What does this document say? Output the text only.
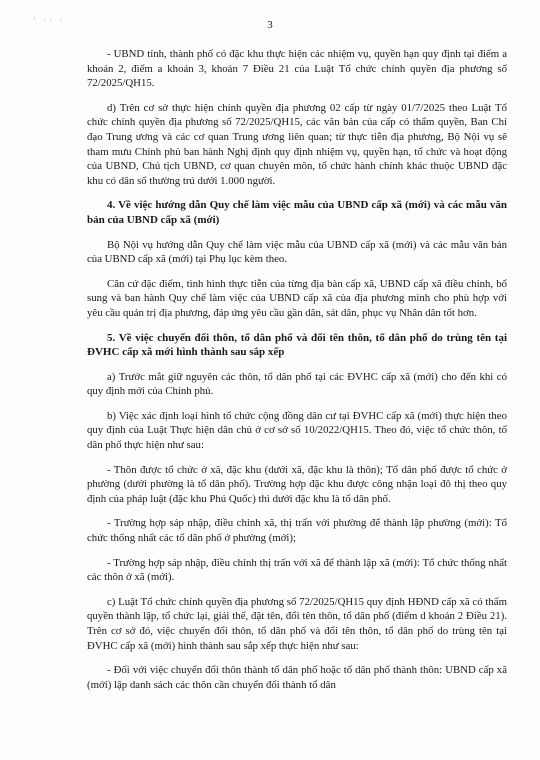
' ·· ·	3

- UBND tỉnh, thành phố có đặc khu thực hiện các nhiệm vụ, quyền hạn quy định tại điểm a khoản 2, điểm a khoản 3, khoản 7 Điều 21 của Luật Tổ chức chính quyền địa phương số 72/2025/QH15.

d) Trên cơ sở thực hiện chính quyền địa phương 02 cấp từ ngày 01/7/2025 theo Luật Tổ chức chính quyền địa phương số 72/2025/QH15, các văn bản của cấp có thẩm quyền, Ban Chỉ đạo Trung ương và các cơ quan Trung ương liên quan; từ thực tiễn địa phương, Bộ Nội vụ sẽ tham mưu Chính phủ ban hành Nghị định quy định nhiệm vụ, quyền hạn, tổ chức và hoạt động của UBND, Chủ tịch UBND, cơ quan chuyên môn, tổ chức hành chính khác thuộc UBND đặc khu có dân số thường trú dưới 1.000 người.

4. Về việc hướng dẫn Quy chế làm việc mẫu của UBND cấp xã (mới) và các mẫu văn bản của UBND cấp xã (mới)

Bộ Nội vụ hướng dẫn Quy chế làm việc mẫu của UBND cấp xã (mới) và các mẫu văn bản của UBND cấp xã (mới) tại Phụ lục kèm theo.

Căn cứ đặc điểm, tình hình thực tiễn của từng địa bàn cấp xã, UBND cấp xã điều chỉnh, bổ sung và ban hành Quy chế làm việc của UBND cấp xã của địa phương mình cho phù hợp với yêu cầu quản trị địa phương, đáp ứng yêu cầu gần dân, sát dân, phục vụ Nhân dân tốt hơn.

5. Về việc chuyển đổi thôn, tổ dân phố và đổi tên thôn, tổ dân phố do trùng tên tại ĐVHC cấp xã mới hình thành sau sắp xếp

a) Trước mắt giữ nguyên các thôn, tổ dân phố tại các ĐVHC cấp xã (mới) cho đến khi có quy định mới của Chính phủ.

b) Việc xác định loại hình tổ chức cộng đồng dân cư tại ĐVHC cấp xã (mới) thực hiện theo quy định của Luật Thực hiện dân chủ ở cơ sở số 10/2022/QH15. Theo đó, việc tổ chức thôn, tổ dân phố thực hiện như sau:

- Thôn được tổ chức ở xã, đặc khu (dưới xã, đặc khu là thôn); Tổ dân phố được tổ chức ở phường (dưới phường là tổ dân phố). Trường hợp đặc khu được công nhận loại đô thị theo quy định của pháp luật (đặc khu Phú Quốc) thì dưới đặc khu là tổ dân phố.

- Trường hợp sáp nhập, điều chỉnh xã, thị trấn với phường để thành lập phường (mới): Tổ chức thống nhất các tổ dân phố ở phường (mới);

- Trường hợp sáp nhập, điều chỉnh thị trấn với xã để thành lập xã (mới): Tổ chức thống nhất các thôn ở xã (mới).

c) Luật Tổ chức chính quyền địa phương số 72/2025/QH15 quy định HĐND cấp xã có thẩm quyền thành lập, tổ chức lại, giải thể, đặt tên, đổi tên thôn, tổ dân phố (điểm d khoản 2 Điều 21). Trên cơ sở đó, việc chuyển đổi thôn, tổ dân phố và đổi tên thôn, tổ dân phố do trùng tên tại ĐVHC cấp xã (mới) hình thành sau sắp xếp thực hiện như sau:

- Đối với việc chuyển đổi thôn thành tổ dân phố hoặc tổ dân phố thành thôn: UBND cấp xã (mới) lập danh sách các thôn cần chuyển đổi thành tổ dân
